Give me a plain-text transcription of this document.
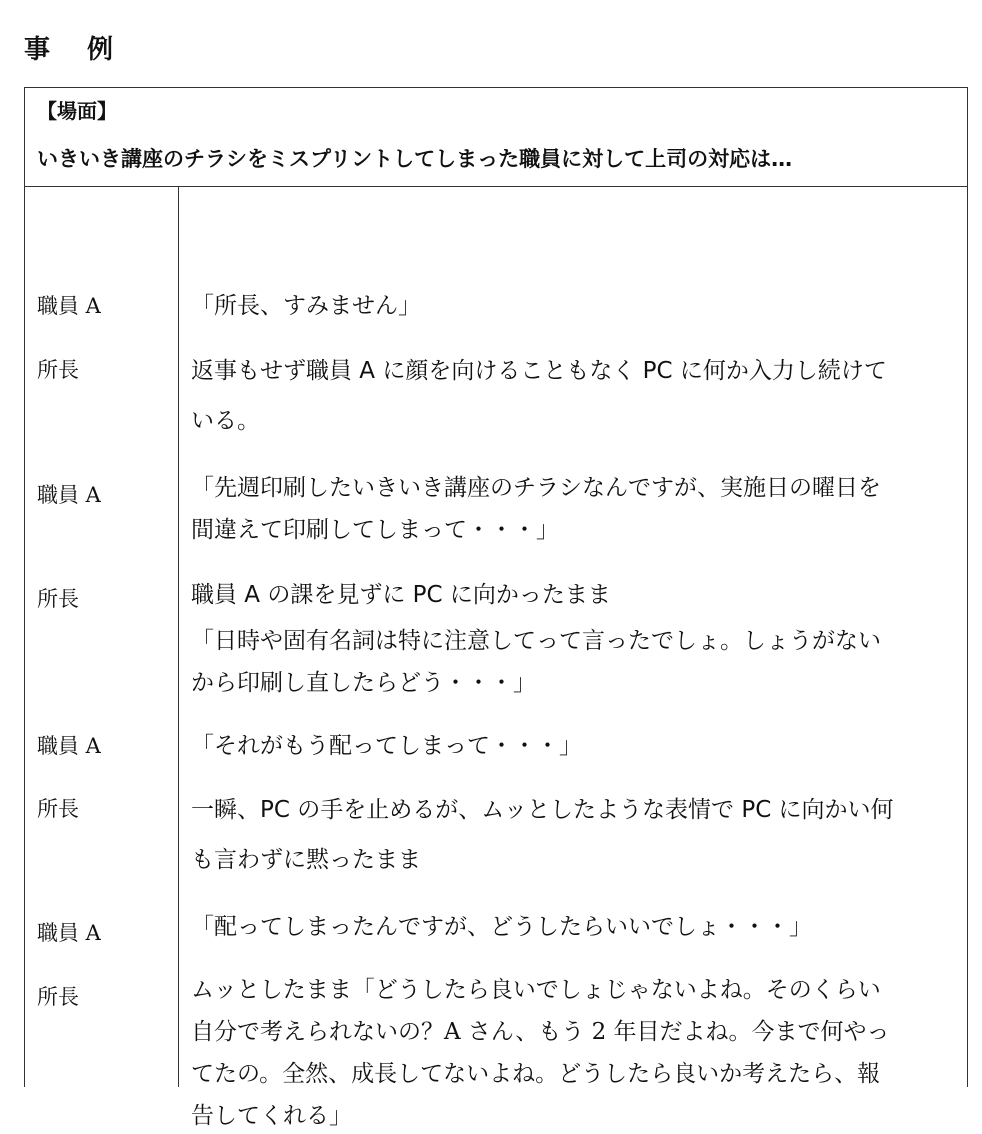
事 例
【場面】
いきいき講座のチラシをミスプリントしてしまった職員に対して上司の対応は…
職員 A	「所長、すみません」
所長	返事もせず職員 A に顔を向けることもなく PC に何か入力し続けて
いる。
職員 A	「先週印刷したいきいき講座のチラシなんですが、実施日の曜日を
間違えて印刷してしまって・・・」
所長	職員 A の課を見ずに PC に向かったまま
「日時や固有名詞は特に注意してって言ったでしょ。しょうがない
から印刷し直したらどう・・・」
職員 A	「それがもう配ってしまって・・・」
所長	一瞬、PC の手を止めるが、ムッとしたような表情で PC に向かい何
も言わずに黙ったまま
職員 A	「配ってしまったんですが、どうしたらいいでしょ・・・」
所長	ムッとしたまま「どうしたら良いでしょじゃないよね。そのくらい
自分で考えられないの？A さん、もう 2 年目だよね。今まで何やっ
てたの。全然、成長してないよね。どうしたら良いか考えたら、報
告してくれる」
